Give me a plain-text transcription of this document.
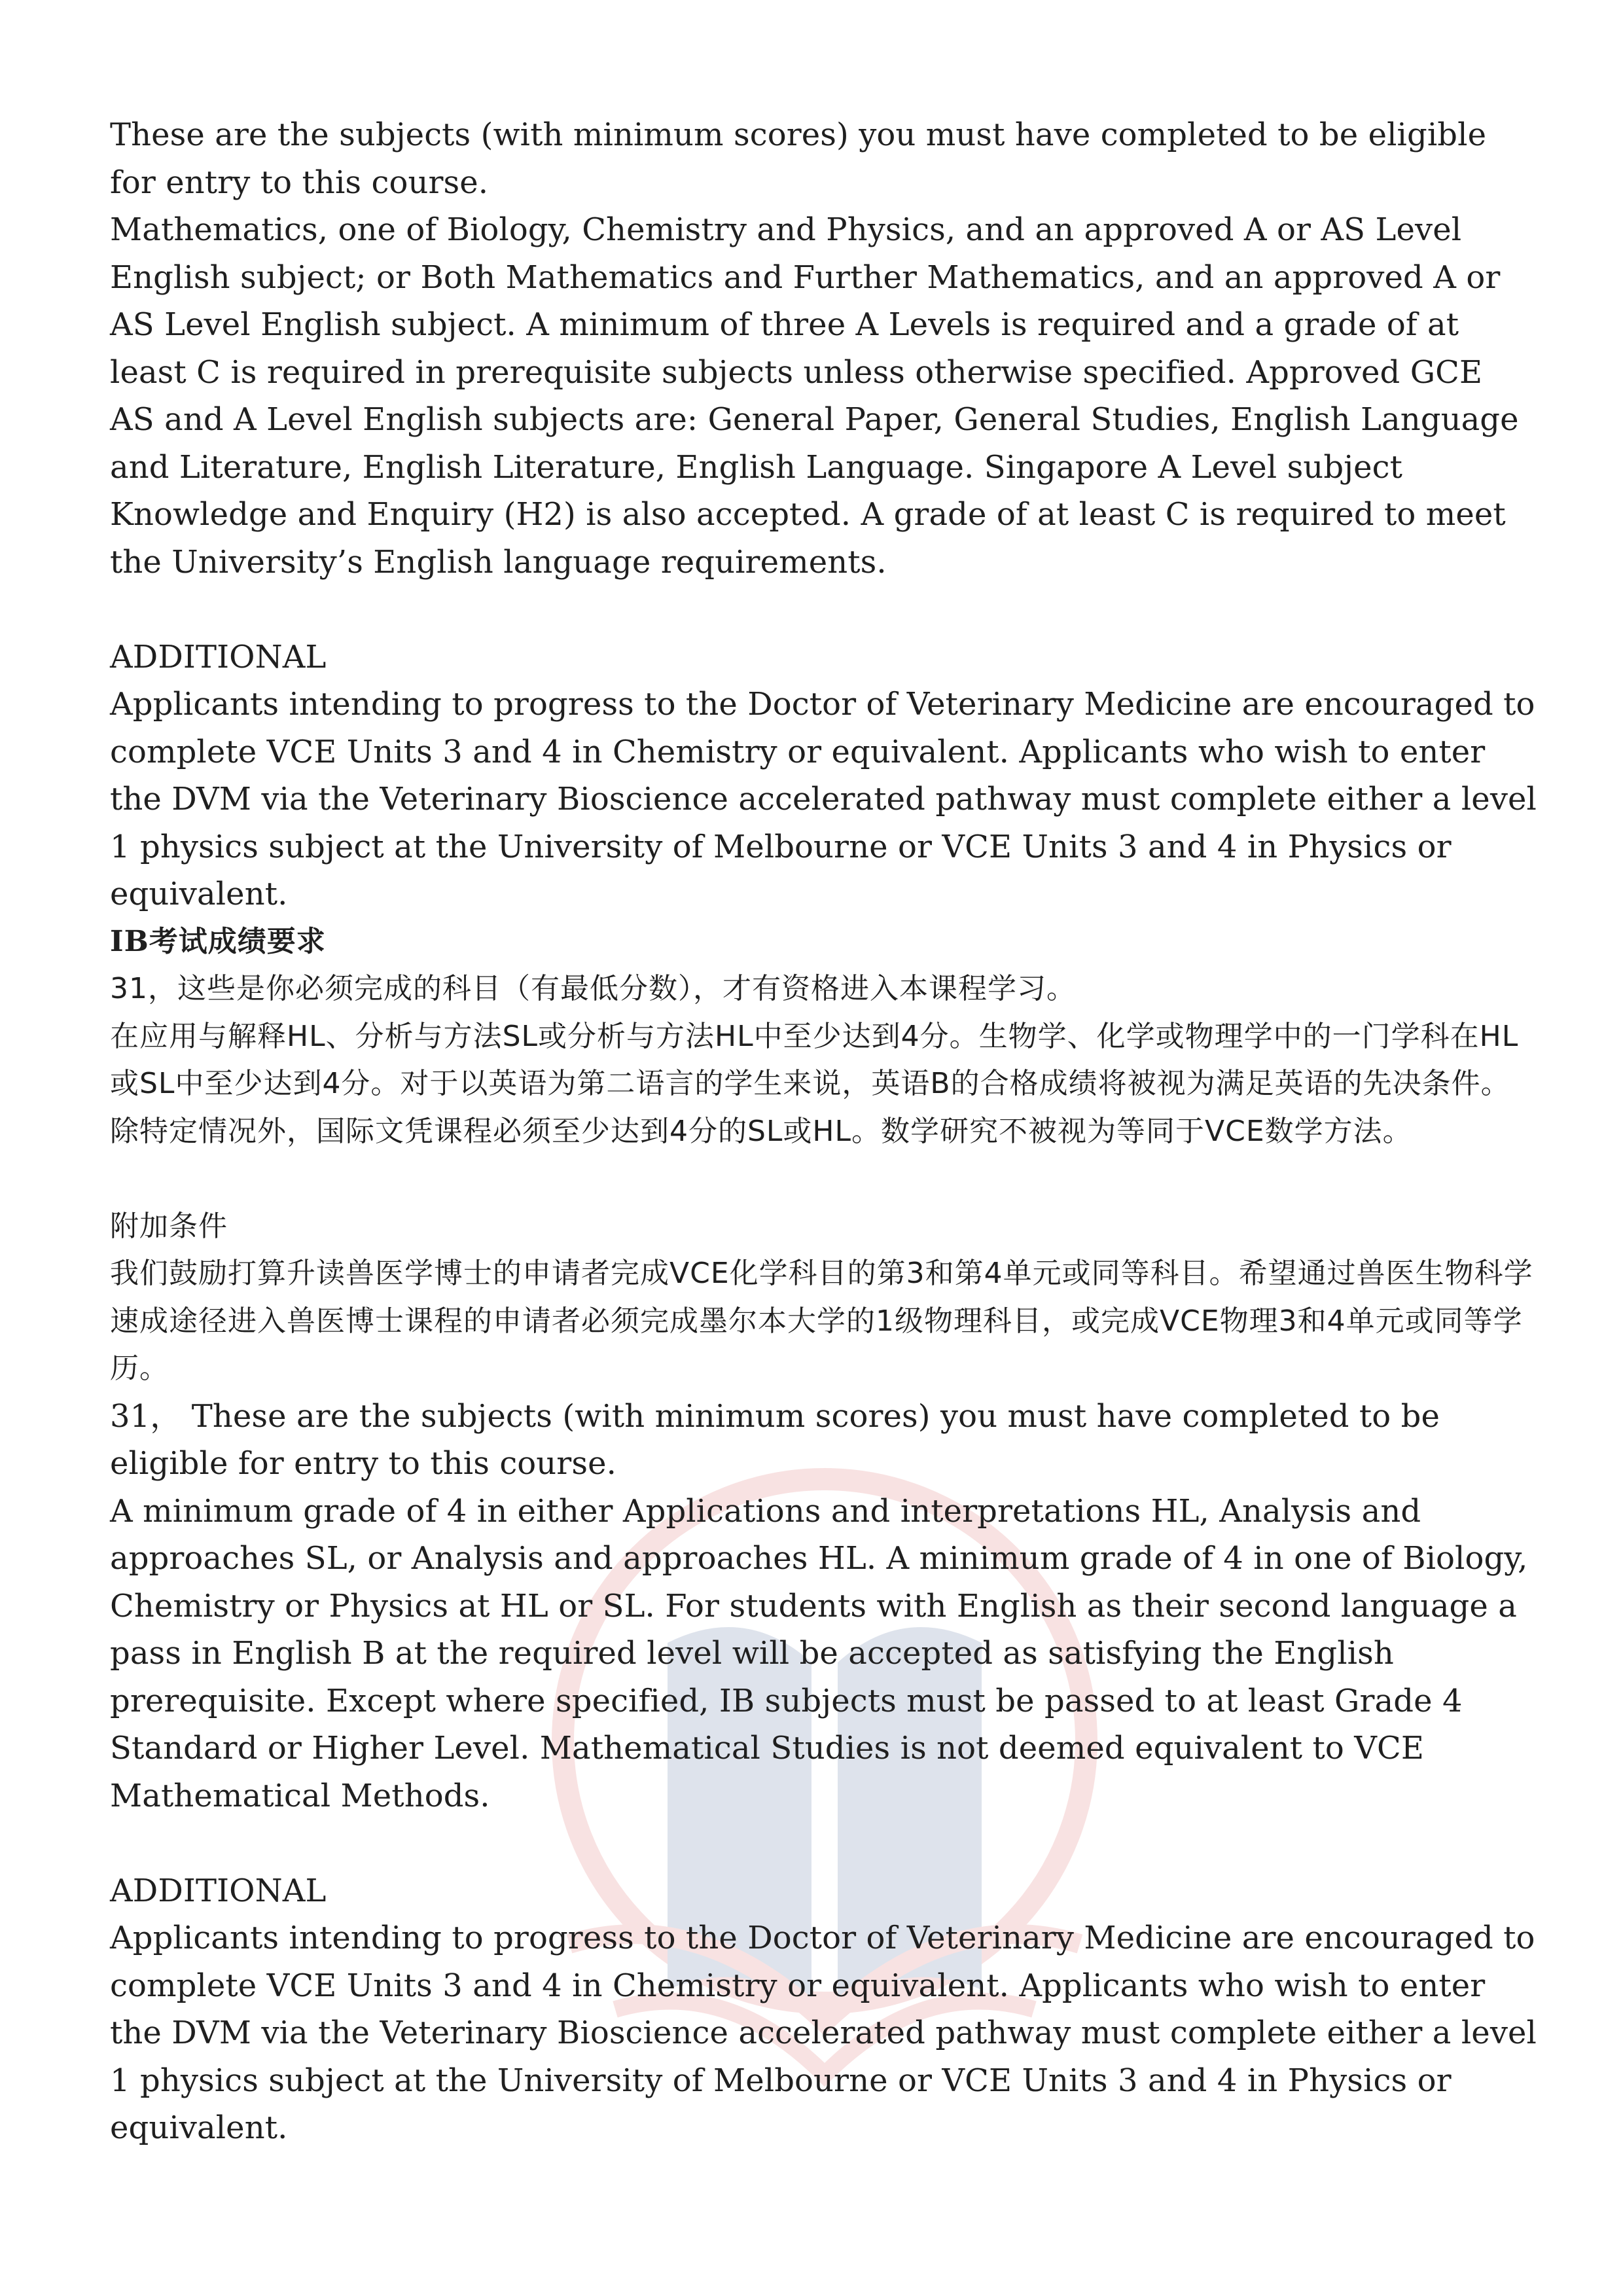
These are the subjects (with minimum scores) you must have completed to be eligible for entry to this course.

Mathematics, one of Biology, Chemistry and Physics, and an approved A or AS Level English subject; or Both Mathematics and Further Mathematics, and an approved A or AS Level English subject. A minimum of three A Levels is required and a grade of at least C is required in prerequisite subjects unless otherwise specified. Approved GCE AS and A Level English subjects are: General Paper, General Studies, English Language and Literature, English Literature, English Language. Singapore A Level subject Knowledge and Enquiry (H2) is also accepted. A grade of at least C is required to meet the University’s English language requirements.

ADDITIONAL

Applicants intending to progress to the Doctor of Veterinary Medicine are encouraged to complete VCE Units 3 and 4 in Chemistry or equivalent. Applicants who wish to enter the DVM via the Veterinary Bioscience accelerated pathway must complete either a level 1 physics subject at the University of Melbourne or VCE Units 3 and 4 in Physics or equivalent.

IB考试成绩要求

31，这些是你必须完成的科目（有最低分数），才有资格进入本课程学习。

在应用与解释HL、分析与方法SL或分析与方法HL中至少达到4分。生物学、化学或物理学中的一门学科在HL或SL中至少达到4分。对于以英语为第二语言的学生来说，英语B的合格成绩将被视为满足英语的先决条件。除特定情况外，国际文凭课程必须至少达到4分的SL或HL。数学研究不被视为等同于VCE数学方法。

附加条件

我们鼓励打算升读兽医学博士的申请者完成VCE化学科目的第3和第4单元或同等科目。希望通过兽医生物科学速成途径进入兽医博士课程的申请者必须完成墨尔本大学的1级物理科目，或完成VCE物理3和4单元或同等学历。

31， These are the subjects (with minimum scores) you must have completed to be eligible for entry to this course.

A minimum grade of 4 in either Applications and interpretations HL, Analysis and approaches SL, or Analysis and approaches HL. A minimum grade of 4 in one of Biology, Chemistry or Physics at HL or SL. For students with English as their second language a pass in English B at the required level will be accepted as satisfying the English prerequisite. Except where specified, IB subjects must be passed to at least Grade 4 Standard or Higher Level. Mathematical Studies is not deemed equivalent to VCE Mathematical Methods.

ADDITIONAL

Applicants intending to progress to the Doctor of Veterinary Medicine are encouraged to complete VCE Units 3 and 4 in Chemistry or equivalent. Applicants who wish to enter the DVM via the Veterinary Bioscience accelerated pathway must complete either a level 1 physics subject at the University of Melbourne or VCE Units 3 and 4 in Physics or equivalent.
